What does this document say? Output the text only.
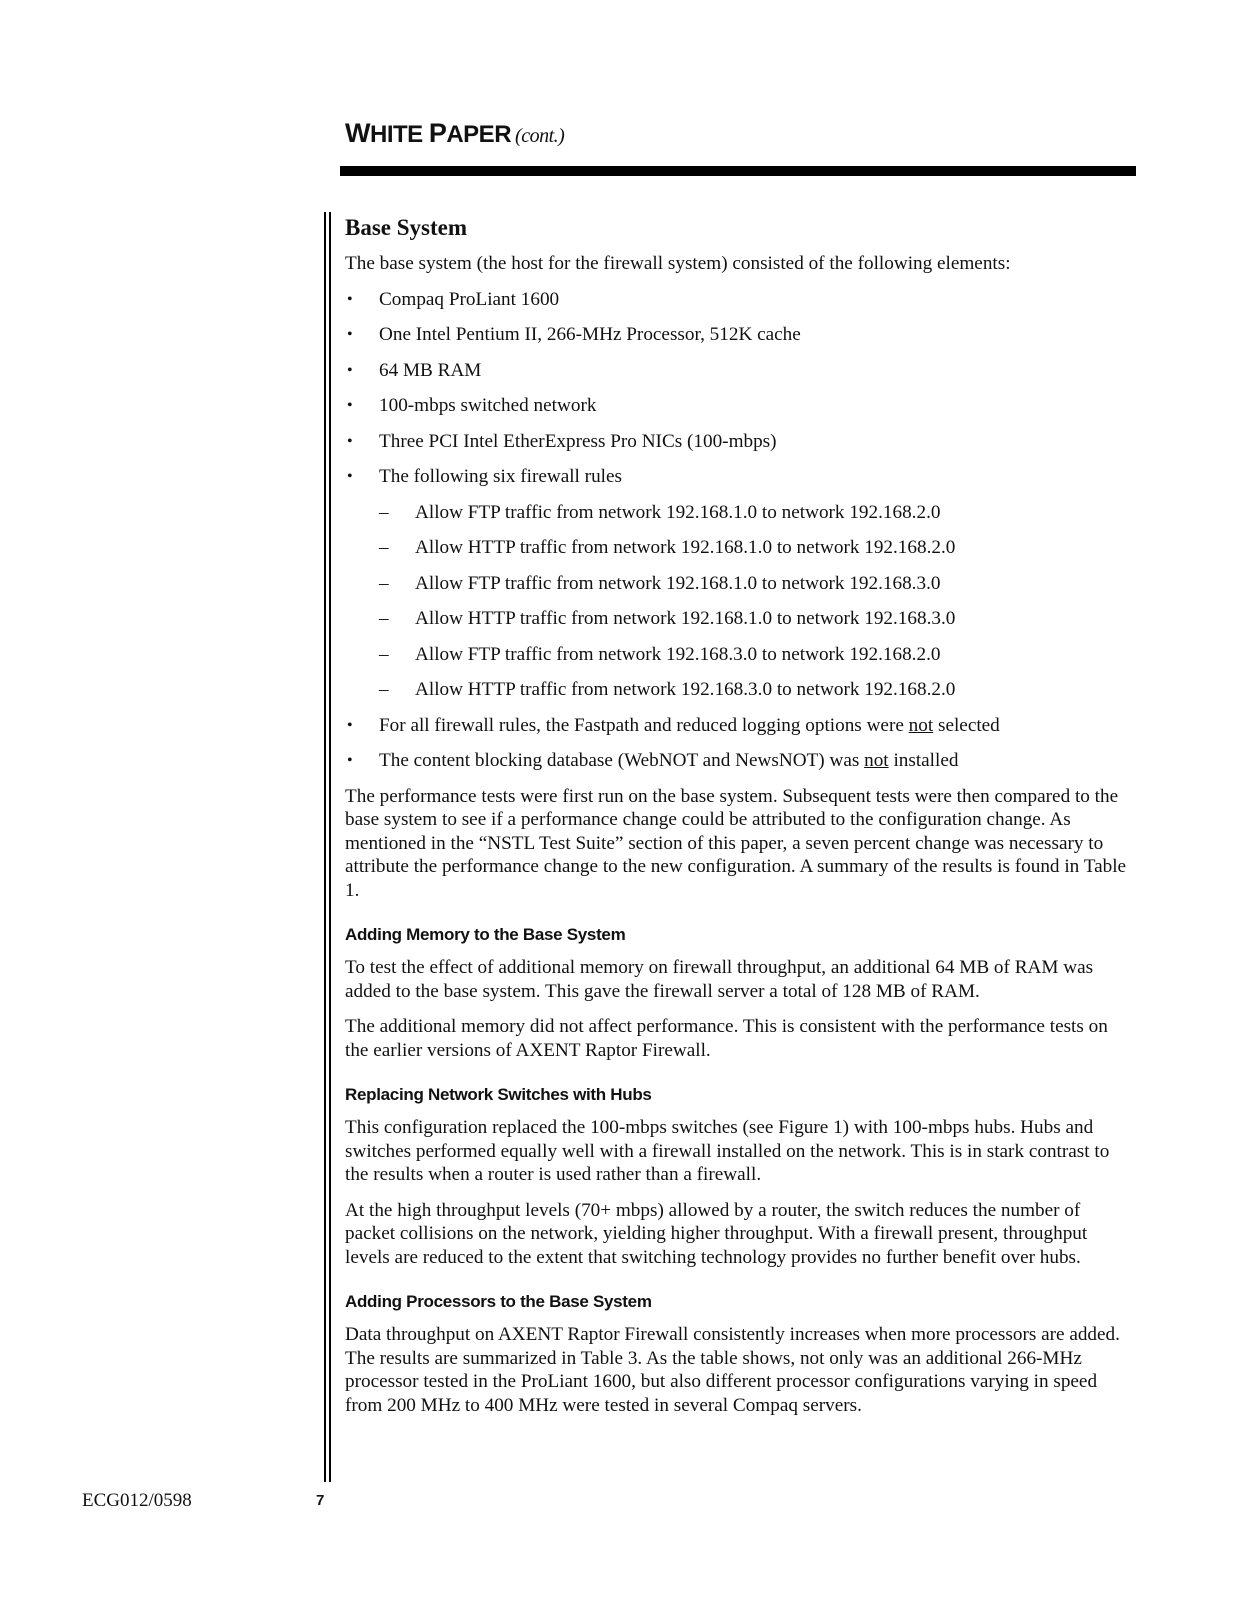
WHITE PAPER (cont.)
Base System

The base system (the host for the firewall system) consisted of the following elements:

• Compaq ProLiant 1600
• One Intel Pentium II, 266-MHz Processor, 512K cache
• 64 MB RAM
• 100-mbps switched network
• Three PCI Intel EtherExpress Pro NICs (100-mbps)
• The following six firewall rules
– Allow FTP traffic from network 192.168.1.0 to network 192.168.2.0
– Allow HTTP traffic from network 192.168.1.0 to network 192.168.2.0
– Allow FTP traffic from network 192.168.1.0 to network 192.168.3.0
– Allow HTTP traffic from network 192.168.1.0 to network 192.168.3.0
– Allow FTP traffic from network 192.168.3.0 to network 192.168.2.0
– Allow HTTP traffic from network 192.168.3.0 to network 192.168.2.0
• For all firewall rules, the Fastpath and reduced logging options were not selected
• The content blocking database (WebNOT and NewsNOT) was not installed

The performance tests were first run on the base system. Subsequent tests were then compared to the base system to see if a performance change could be attributed to the configuration change. As mentioned in the “NSTL Test Suite” section of this paper, a seven percent change was necessary to attribute the performance change to the new configuration. A summary of the results is found in Table 1.

Adding Memory to the Base System

To test the effect of additional memory on firewall throughput, an additional 64 MB of RAM was added to the base system. This gave the firewall server a total of 128 MB of RAM.

The additional memory did not affect performance. This is consistent with the performance tests on the earlier versions of AXENT Raptor Firewall.

Replacing Network Switches with Hubs

This configuration replaced the 100-mbps switches (see Figure 1) with 100-mbps hubs. Hubs and switches performed equally well with a firewall installed on the network. This is in stark contrast to the results when a router is used rather than a firewall.

At the high throughput levels (70+ mbps) allowed by a router, the switch reduces the number of packet collisions on the network, yielding higher throughput. With a firewall present, throughput levels are reduced to the extent that switching technology provides no further benefit over hubs.

Adding Processors to the Base System

Data throughput on AXENT Raptor Firewall consistently increases when more processors are added. The results are summarized in Table 3. As the table shows, not only was an additional 266-MHz processor tested in the ProLiant 1600, but also different processor configurations varying in speed from 200 MHz to 400 MHz were tested in several Compaq servers.

ECG012/0598	7
